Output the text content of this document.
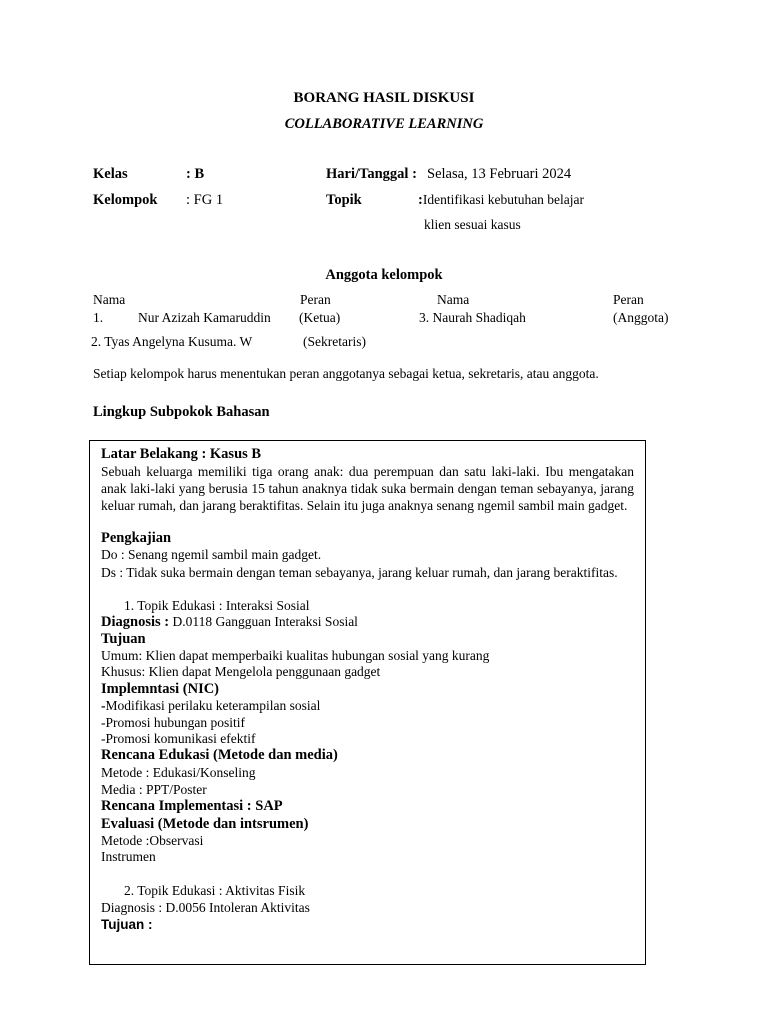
BORANG HASIL DISKUSI
COLLABORATIVE LEARNING
Kelas	: B	Hari/Tanggal : Selasa, 13 Februari 2024
Kelompok : FG 1	Topik	:Identifikasi kebutuhan belajar
klien sesuai kasus
Anggota kelompok
Nama	Peran	Nama	Peran
1.	Nur Azizah Kamaruddin (Ketua)	3. Naurah Shadiqah	(Anggota)
2. Tyas Angelyna Kusuma. W	(Sekretaris)
Setiap kelompok harus menentukan peran anggotanya sebagai ketua, sekretaris, atau anggota.
Lingkup Subpokok Bahasan
Latar Belakang : Kasus B
Sebuah keluarga memiliki tiga orang anak: dua perempuan dan satu laki-laki. Ibu mengatakan anak laki-laki yang berusia 15 tahun anaknya tidak suka bermain dengan teman sebayanya, jarang keluar rumah, dan jarang beraktifitas. Selain itu juga anaknya senang ngemil sambil main gadget.
Pengkajian
Do : Senang ngemil sambil main gadget.
Ds : Tidak suka bermain dengan teman sebayanya, jarang keluar rumah, dan jarang beraktifitas.
1. Topik Edukasi : Interaksi Sosial
Diagnosis : D.0118 Gangguan Interaksi Sosial
Tujuan
Umum: Klien dapat memperbaiki kualitas hubungan sosial yang kurang
Khusus: Klien dapat Mengelola penggunaan gadget
Implemntasi (NIC)
-Modifikasi perilaku keterampilan sosial
-Promosi hubungan positif
-Promosi komunikasi efektif
Rencana Edukasi (Metode dan media)
Metode : Edukasi/Konseling
Media : PPT/Poster
Rencana Implementasi : SAP
Evaluasi (Metode dan intsrumen)
Metode :Observasi
Instrumen
2. Topik Edukasi : Aktivitas Fisik
Diagnosis : D.0056 Intoleran Aktivitas
Tujuan :
